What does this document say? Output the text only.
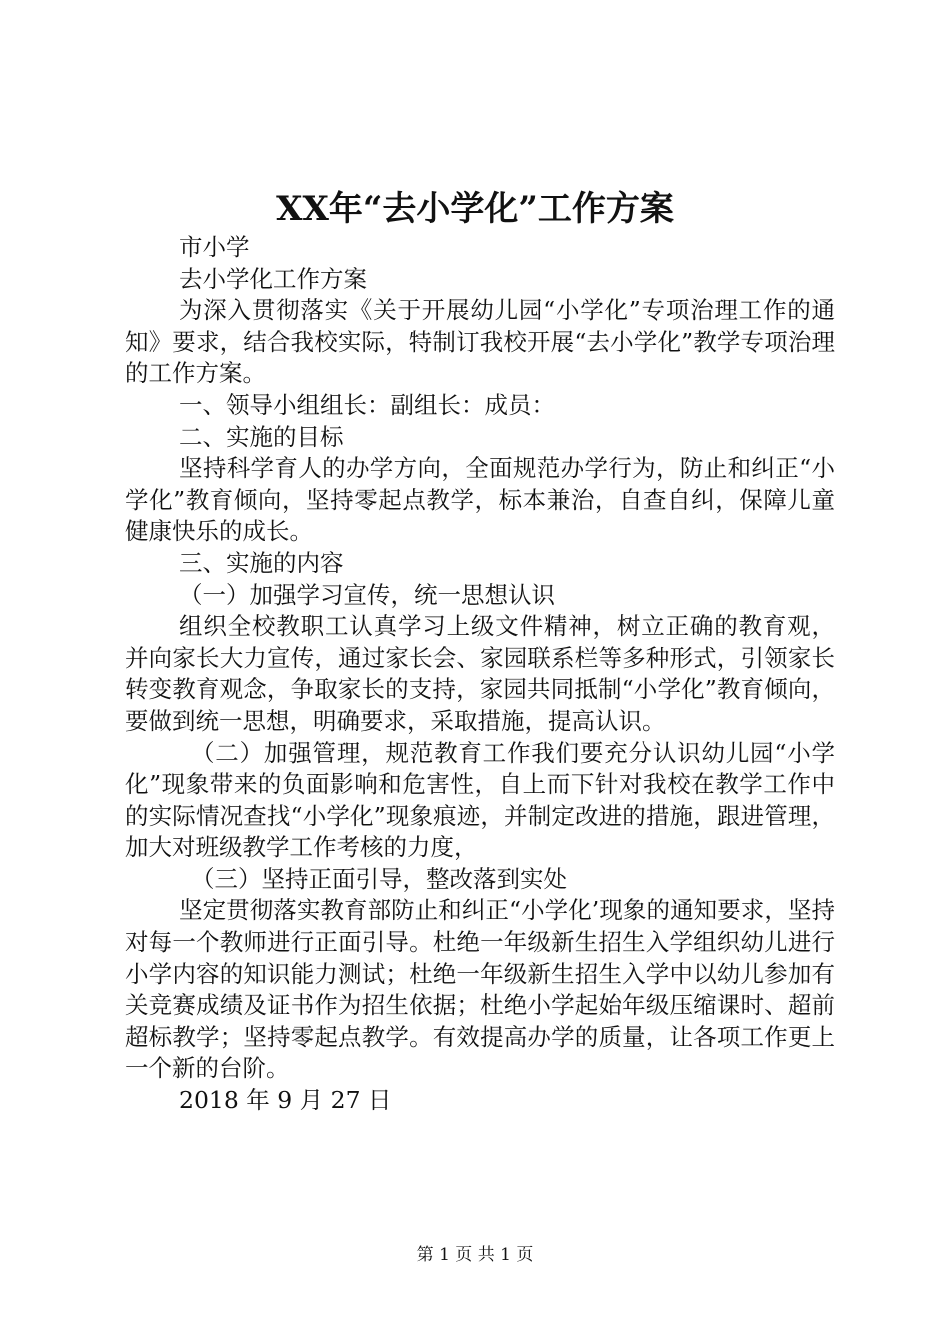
XX年“去小学化”工作方案

市小学

去小学化工作方案

为深入贯彻落实《关于开展幼儿园“小学化”专项治理工作的通知》要求，结合我校实际，特制订我校开展“去小学化”教学专项治理的工作方案。

一、领导小组组长：副组长：成员：

二、实施的目标

坚持科学育人的办学方向，全面规范办学行为，防止和纠正“小学化”教育倾向，坚持零起点教学，标本兼治，自查自纠，保障儿童健康快乐的成长。

三、实施的内容

（一）加强学习宣传，统一思想认识

组织全校教职工认真学习上级文件精神，树立正确的教育观，并向家长大力宣传，通过家长会、家园联系栏等多种形式，引领家长转变教育观念，争取家长的支持，家园共同抵制“小学化”教育倾向，要做到统一思想，明确要求，采取措施，提高认识。

（二）加强管理，规范教育工作我们要充分认识幼儿园“小学化”现象带来的负面影响和危害性，自上而下针对我校在教学工作中的实际情况查找“小学化”现象痕迹，并制定改进的措施，跟进管理，加大对班级教学工作考核的力度，

（三）坚持正面引导，整改落到实处

坚定贯彻落实教育部防止和纠正“小学化’现象的通知要求，坚持对每一个教师进行正面引导。杜绝一年级新生招生入学组织幼儿进行小学内容的知识能力测试；杜绝一年级新生招生入学中以幼儿参加有关竞赛成绩及证书作为招生依据；杜绝小学起始年级压缩课时、超前超标教学；坚持零起点教学。有效提高办学的质量，让各项工作更上一个新的台阶。

2018 年 9 月 27 日

第 1 页 共 1 页
